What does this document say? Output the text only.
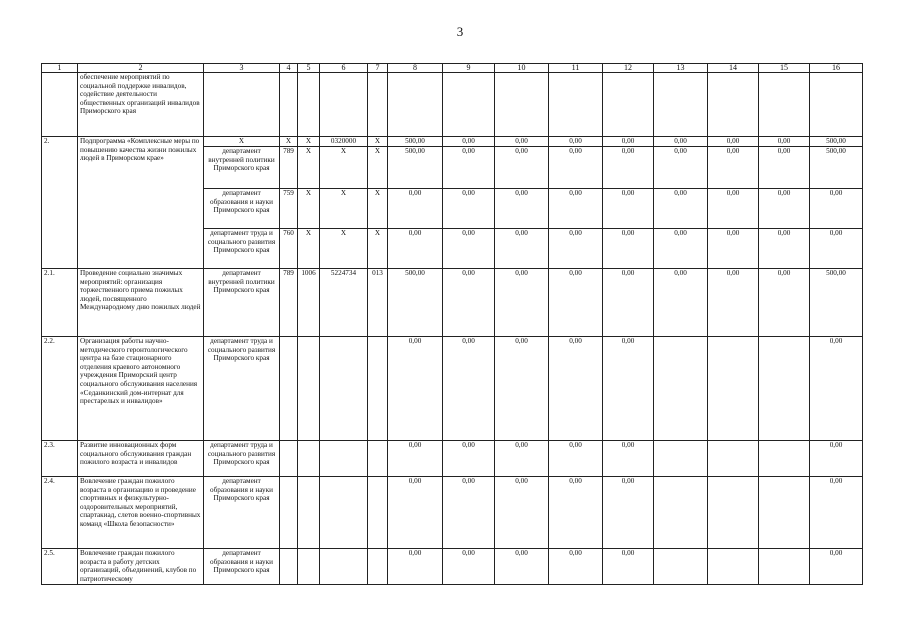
3
1	2	3	4	5	6	7	8	9	10	11	12	13	14	15	16
	обеспечение мероприятий по социальной поддержке инвалидов, содействие деятельности общественных организаций инвалидов Приморского края														
2.	Подпрограмма «Комплексные меры по повышению качества жизни пожилых людей в Приморском крае»	X	X	X	0320000	X	500,00	0,00	0,00	0,00	0,00	0,00	0,00	0,00	500,00
		департамент внутренней политики Приморского края	789	X	X	X	500,00	0,00	0,00	0,00	0,00	0,00	0,00	0,00	500,00
		департамент образования и науки Приморского края	759	X	X	X	0,00	0,00	0,00	0,00	0,00	0,00	0,00	0,00	0,00
		департамент труда и социального развития Приморского края	760	X	X	X	0,00	0,00	0,00	0,00	0,00	0,00	0,00	0,00	0,00
2.1.	Проведение социально значимых мероприятий: организация торжественного приема пожилых людей, посвященного Международному дню пожилых людей	департамент внутренней политики Приморского края	789	1006	5224734	013	500,00	0,00	0,00	0,00	0,00	0,00	0,00	0,00	500,00
2.2.	Организация работы научно-методического геронтологического центра на базе стационарного отделения краевого автономного учреждения Приморский центр социального обслуживания населения «Седанкинский дом-интернат для престарелых и инвалидов»	департамент труда и социального развития Приморского края					0,00	0,00	0,00	0,00	0,00				0,00
2.3.	Развитие инновационных форм социального обслуживания граждан пожилого возраста и инвалидов	департамент труда и социального развития Приморского края					0,00	0,00	0,00	0,00	0,00				0,00
2.4.	Вовлечение граждан пожилого возраста в организацию и проведение спортивных и физкультурно-оздоровительных мероприятий, спартакиад, слетов военно-спортивных команд «Школа безопасности»	департамент образования и науки Приморского края					0,00	0,00	0,00	0,00	0,00				0,00
2.5.	Вовлечение граждан пожилого возраста в работу детских организаций, объединений, клубов по патриотическому	департамент образования и науки Приморского края					0,00	0,00	0,00	0,00	0,00				0,00
